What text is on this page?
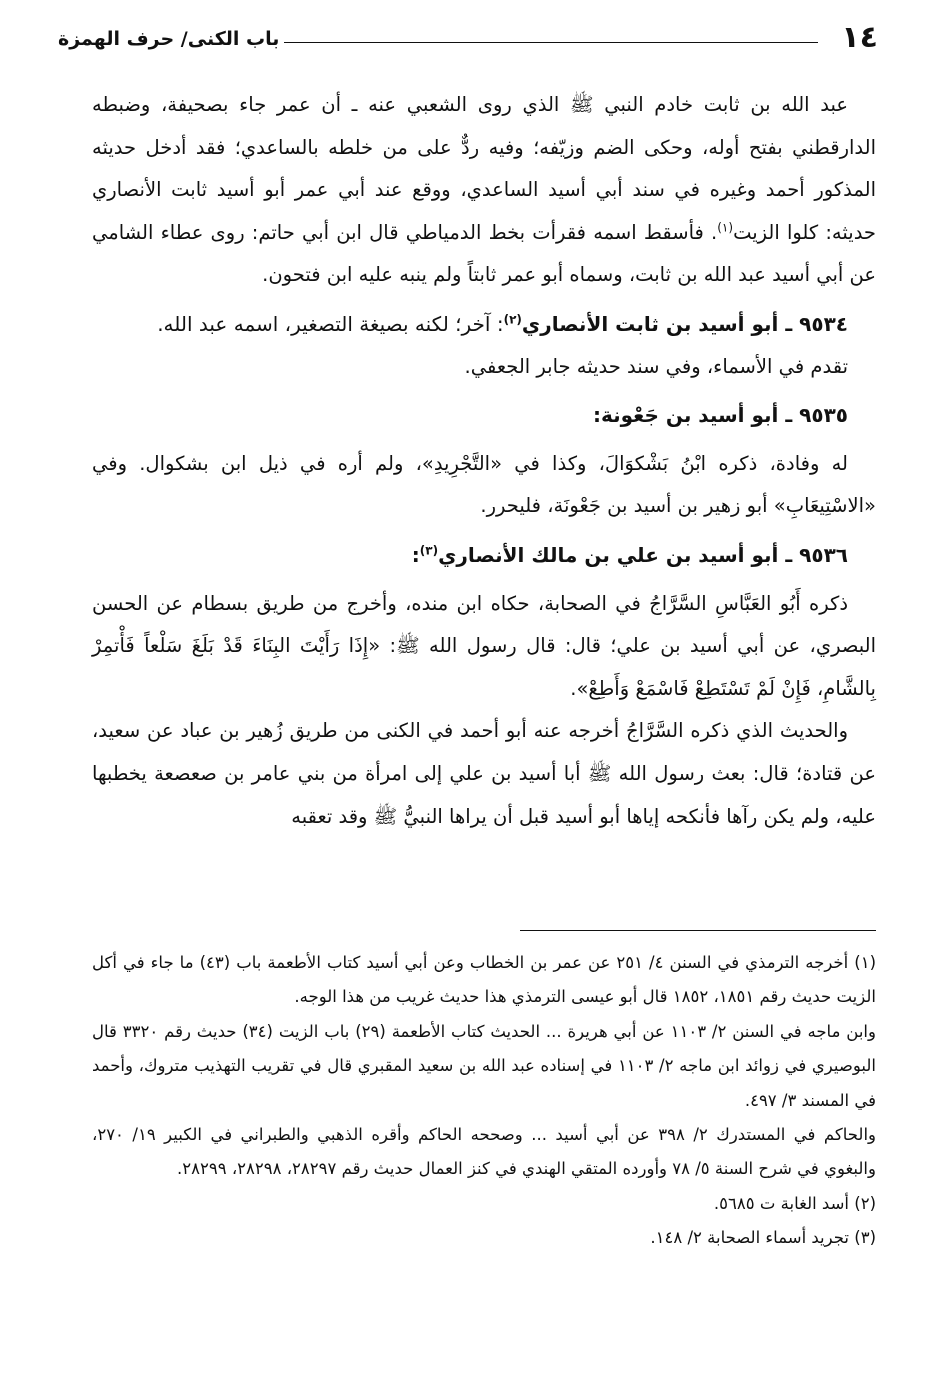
باب الكنى/ حرف الهمزة	١٤

عبد الله بن ثابت خادم النبي ﷺ الذي روى الشعبي عنه ـ أن عمر جاء بصحيفة، وضبطه الدارقطني بفتح أوله، وحكى الضم وزيّفه؛ وفيه ردٌّ على من خلطه بالساعدي؛ فقد أدخل حديثه المذكور أحمد وغيره في سند أبي أسيد الساعدي، ووقع عند أبي عمر أبو أسيد ثابت الأنصاري حديثه: كلوا الزيت$^{(١)}$. فأسقط اسمه فقرأت بخط الدمياطي قال ابن أبي حاتم: روى عطاء الشامي عن أبي أسيد عبد الله بن ثابت، وسماه أبو عمر ثابتاً ولم ينبه عليه ابن فتحون.

٩٥٣٤ ـ أبو أسيد بن ثابت الأنصاري$^{(٢)}$: آخر؛ لكنه بصيغة التصغير، اسمه عبد الله.

تقدم في الأسماء، وفي سند حديثه جابر الجعفي.

٩٥٣٥ ـ أبو أسيد بن جَعْونة:

له وفادة، ذكره ابْنُ بَشْكوَالَ، وكذا في «التَّجْرِيدِ»، ولم أره في ذيل ابن بشكوال. وفي «الاسْتِيعَابِ» أبو زهير بن أسيد بن جَعْونَة، فليحرر.

٩٥٣٦ ـ أبو أسيد بن علي بن مالك الأنصاري$^{(٣)}$:

ذكره أَبُو العَبَّاسِ السَّرَّاجُ في الصحابة، حكاه ابن منده، وأخرج من طريق بسطام عن الحسن البصري، عن أبي أسيد بن علي؛ قال: قال رسول الله ﷺ: «إِذَا رَأَيْتَ البِنَاءَ قَدْ بَلَغَ سَلْعاً فَأْتمِرْ بِالشَّامِ، فَإِنْ لَمْ تَسْتَطِعْ فَاسْمَعْ وَأَطِعْ».

والحديث الذي ذكره السَّرَّاجُ أخرجه عنه أبو أحمد في الكنى من طريق زُهير بن عباد عن سعيد، عن قتادة؛ قال: بعث رسول الله ﷺ أبا أسيد بن علي إلى امرأة من بني عامر بن صعصعة يخطبها عليه، ولم يكن رآها فأنكحه إياها أبو أسيد قبل أن يراها النبيُّ ﷺ وقد تعقبه

(١) أخرجه الترمذي في السنن ٤/ ٢٥١ عن عمر بن الخطاب وعن أبي أسيد كتاب الأطعمة باب (٤٣) ما جاء في أكل الزيت حديث رقم ١٨٥١، ١٨٥٢ قال أبو عيسى الترمذي هذا حديث غريب من هذا الوجه.

وابن ماجه في السنن ٢/ ١١٠٣ عن أبي هريرة ... الحديث كتاب الأطعمة (٢٩) باب الزيت (٣٤) حديث رقم ٣٣٢٠ قال البوصيري في زوائد ابن ماجه ٢/ ١١٠٣ في إسناده عبد الله بن سعيد المقبري قال في تقريب التهذيب متروك، وأحمد في المسند ٣/ ٤٩٧.

والحاكم في المستدرك ٢/ ٣٩٨ عن أبي أسيد ... وصححه الحاكم وأقره الذهبي والطبراني في الكبير ١٩/ ٢٧٠، والبغوي في شرح السنة ٥/ ٧٨ وأورده المتقي الهندي في كنز العمال حديث رقم ٢٨٢٩٧، ٢٨٢٩٨، ٢٨٢٩٩.

(٢) أسد الغابة ت ٥٦٨٥.

(٣) تجريد أسماء الصحابة ٢/ ١٤٨.
